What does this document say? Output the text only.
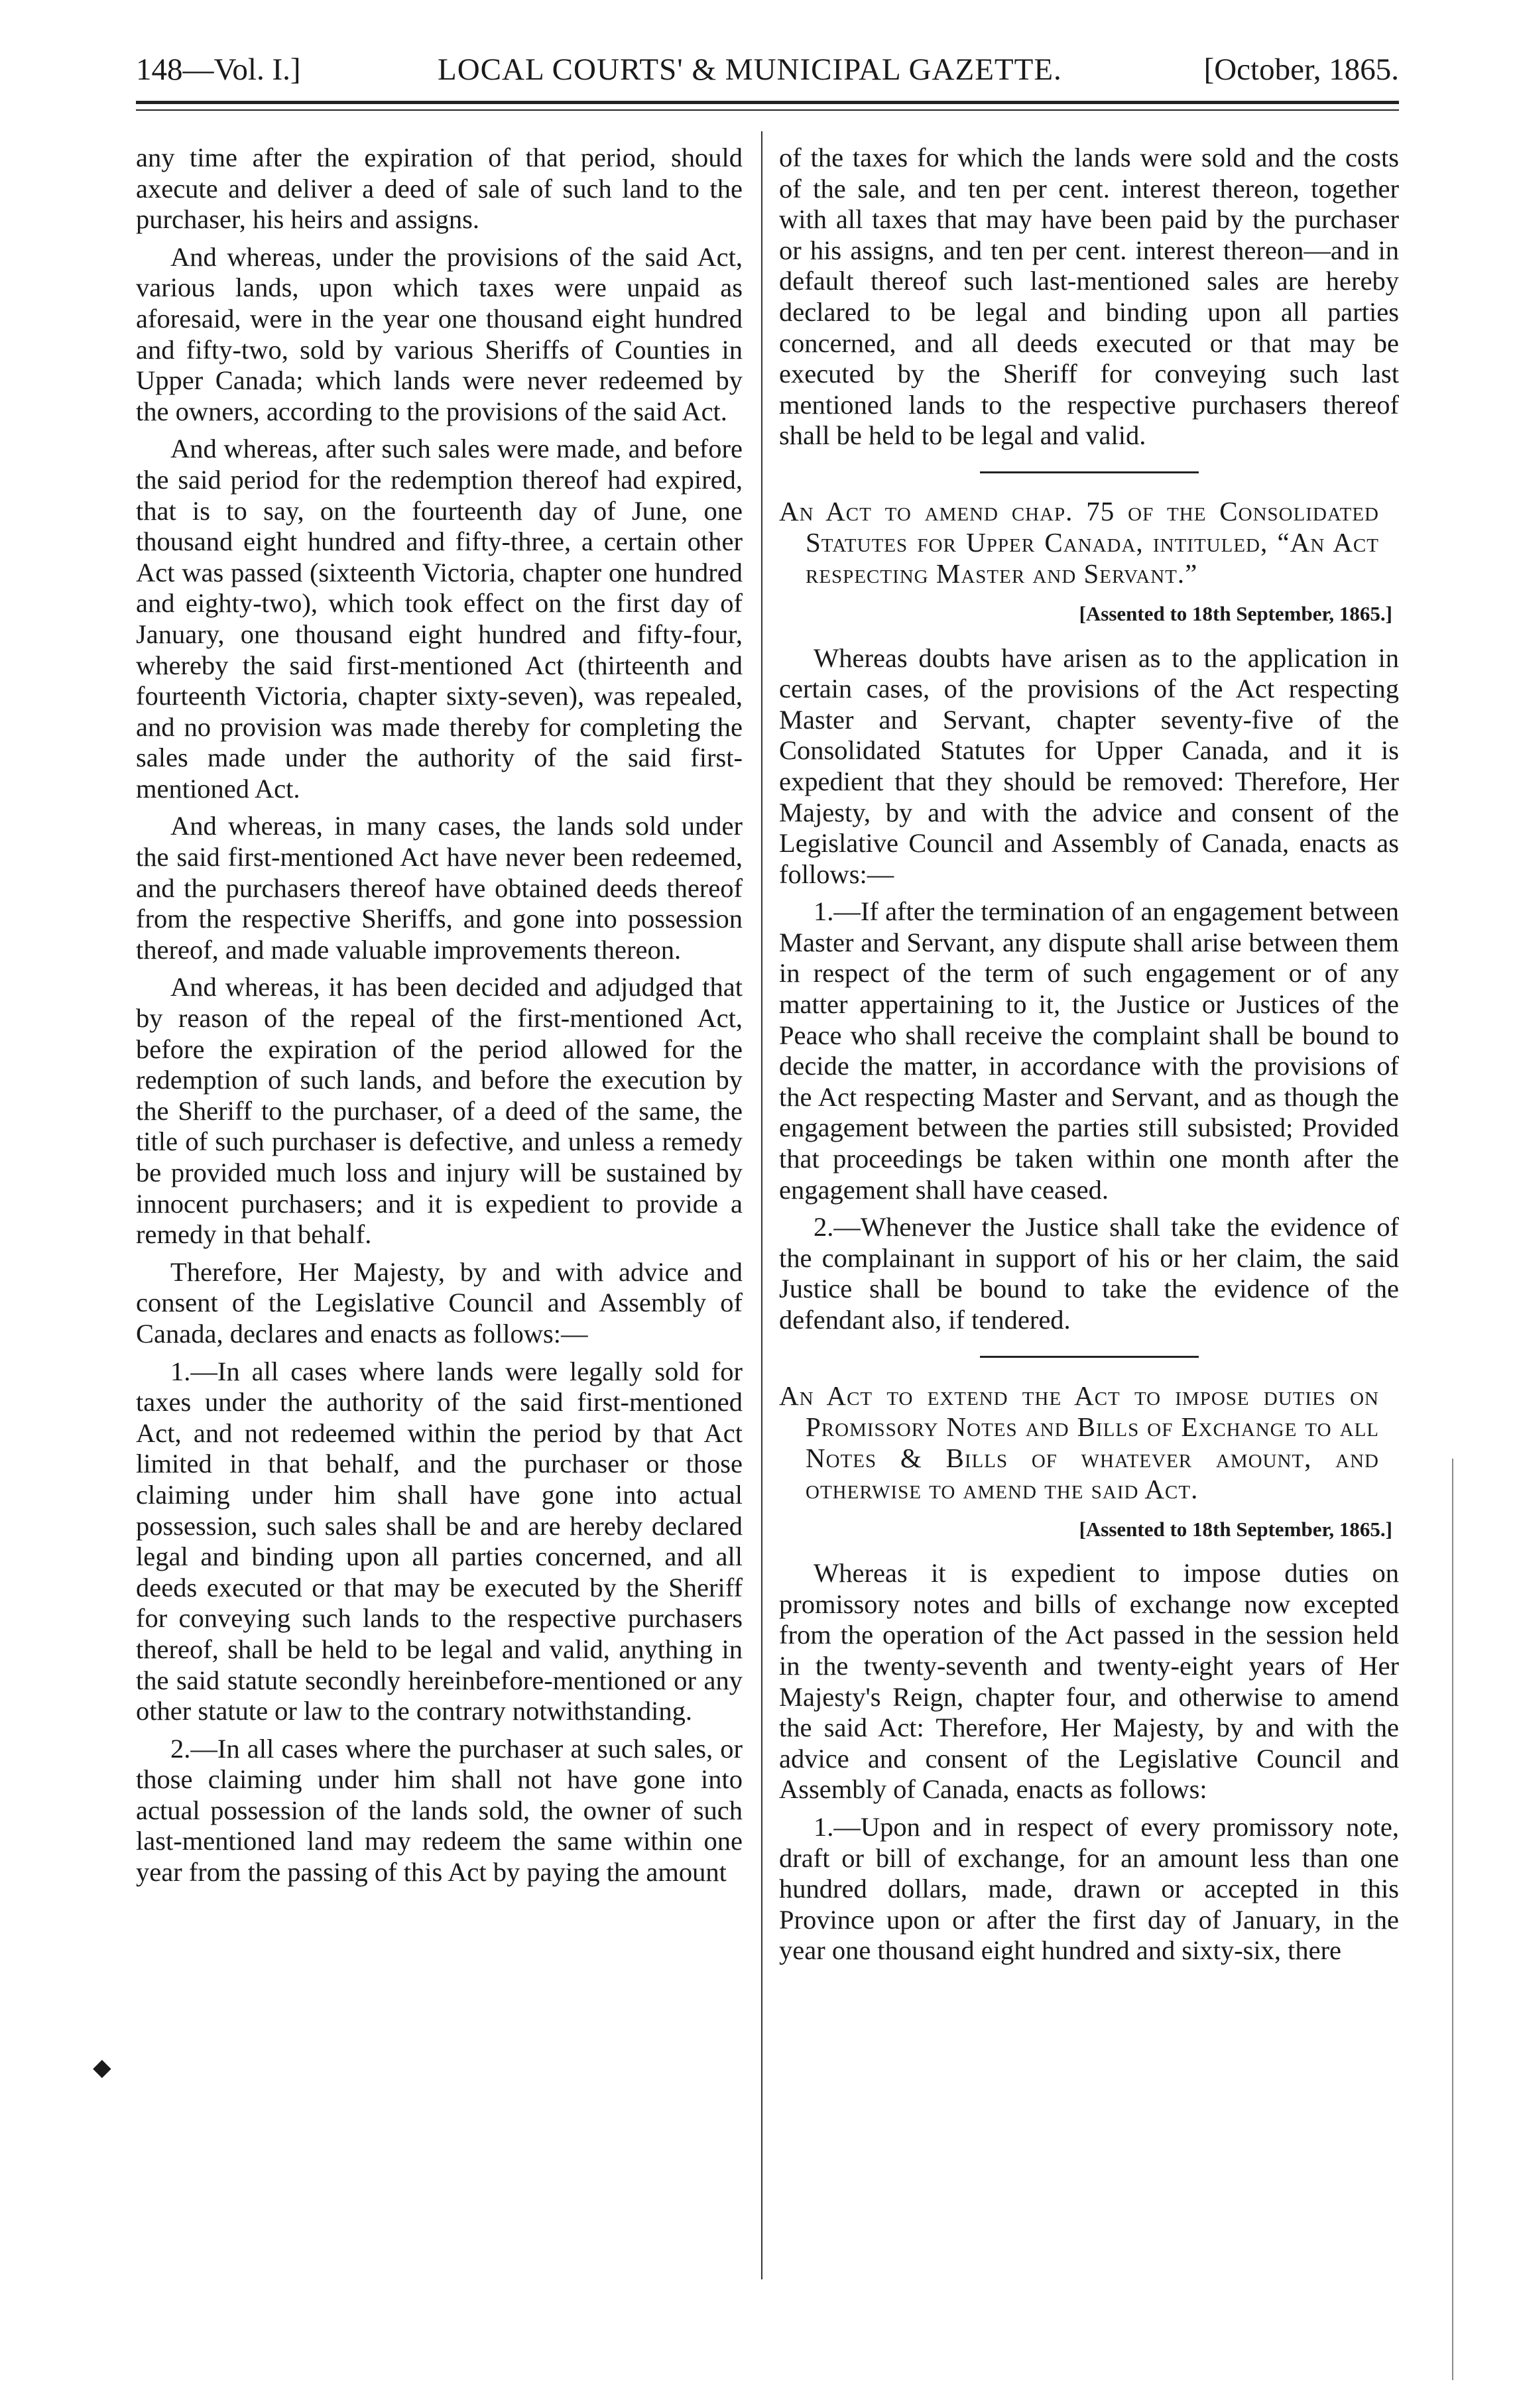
148—Vol. I.]	LOCAL COURTS' & MUNICIPAL GAZETTE.	[October, 1865.

any time after the expiration of that period, should axecute and deliver a deed of sale of such land to the purchaser, his heirs and assigns.

And whereas, under the provisions of the said Act, various lands, upon which taxes were unpaid as aforesaid, were in the year one thousand eight hundred and fifty-two, sold by various Sheriffs of Counties in Upper Canada; which lands were never redeemed by the owners, according to the provisions of the said Act.

And whereas, after such sales were made, and before the said period for the redemption thereof had expired, that is to say, on the fourteenth day of June, one thousand eight hundred and fifty-three, a certain other Act was passed (sixteenth Victoria, chapter one hundred and eighty-two), which took effect on the first day of January, one thousand eight hundred and fifty-four, whereby the said first-mentioned Act (thirteenth and fourteenth Victoria, chapter sixty-seven), was repealed, and no provision was made thereby for completing the sales made under the authority of the said first-mentioned Act.

And whereas, in many cases, the lands sold under the said first-mentioned Act have never been redeemed, and the purchasers thereof have obtained deeds thereof from the respective Sheriffs, and gone into possession thereof, and made valuable improvements thereon.

And whereas, it has been decided and adjudged that by reason of the repeal of the first-mentioned Act, before the expiration of the period allowed for the redemption of such lands, and before the execution by the Sheriff to the purchaser, of a deed of the same, the title of such purchaser is defective, and unless a remedy be provided much loss and injury will be sustained by innocent purchasers; and it is expedient to provide a remedy in that behalf.

Therefore, Her Majesty, by and with advice and consent of the Legislative Council and Assembly of Canada, declares and enacts as follows:—

1.—In all cases where lands were legally sold for taxes under the authority of the said first-mentioned Act, and not redeemed within the period by that Act limited in that behalf, and the purchaser or those claiming under him shall have gone into actual possession, such sales shall be and are hereby declared legal and binding upon all parties concerned, and all deeds executed or that may be executed by the Sheriff for conveying such lands to the respective purchasers thereof, shall be held to be legal and valid, anything in the said statute secondly hereinbefore-mentioned or any other statute or law to the contrary notwithstanding.

2.—In all cases where the purchaser at such sales, or those claiming under him shall not have gone into actual possession of the lands sold, the owner of such last-mentioned land may redeem the same within one year from the passing of this Act by paying the amount

of the taxes for which the lands were sold and the costs of the sale, and ten per cent. interest thereon, together with all taxes that may have been paid by the purchaser or his assigns, and ten per cent. interest thereon—and in default thereof such last-mentioned sales are hereby declared to be legal and binding upon all parties concerned, and all deeds executed or that may be executed by the Sheriff for conveying such last mentioned lands to the respective purchasers thereof shall be held to be legal and valid.

An Act to amend chap. 75 of the Consolidated Statutes for Upper Canada, intituled, “An Act respecting Master and Servant.”
[Assented to 18th September, 1865.]

Whereas doubts have arisen as to the application in certain cases, of the provisions of the Act respecting Master and Servant, chapter seventy-five of the Consolidated Statutes for Upper Canada, and it is expedient that they should be removed: Therefore, Her Majesty, by and with the advice and consent of the Legislative Council and Assembly of Canada, enacts as follows:—

1.—If after the termination of an engagement between Master and Servant, any dispute shall arise between them in respect of the term of such engagement or of any matter appertaining to it, the Justice or Justices of the Peace who shall receive the complaint shall be bound to decide the matter, in accordance with the provisions of the Act respecting Master and Servant, and as though the engagement between the parties still subsisted; Provided that proceedings be taken within one month after the engagement shall have ceased.

2.—Whenever the Justice shall take the evidence of the complainant in support of his or her claim, the said Justice shall be bound to take the evidence of the defendant also, if tendered.

An Act to extend the Act to impose duties on Promissory Notes and Bills of Exchange to all Notes & Bills of whatever amount, and otherwise to amend the said Act.
[Assented to 18th September, 1865.]

Whereas it is expedient to impose duties on promissory notes and bills of exchange now excepted from the operation of the Act passed in the session held in the twenty-seventh and twenty-eight years of Her Majesty's Reign, chapter four, and otherwise to amend the said Act: Therefore, Her Majesty, by and with the advice and consent of the Legislative Council and Assembly of Canada, enacts as follows:

1.—Upon and in respect of every promissory note, draft or bill of exchange, for an amount less than one hundred dollars, made, drawn or accepted in this Province upon or after the first day of January, in the year one thousand eight hundred and sixty-six, there

◆
